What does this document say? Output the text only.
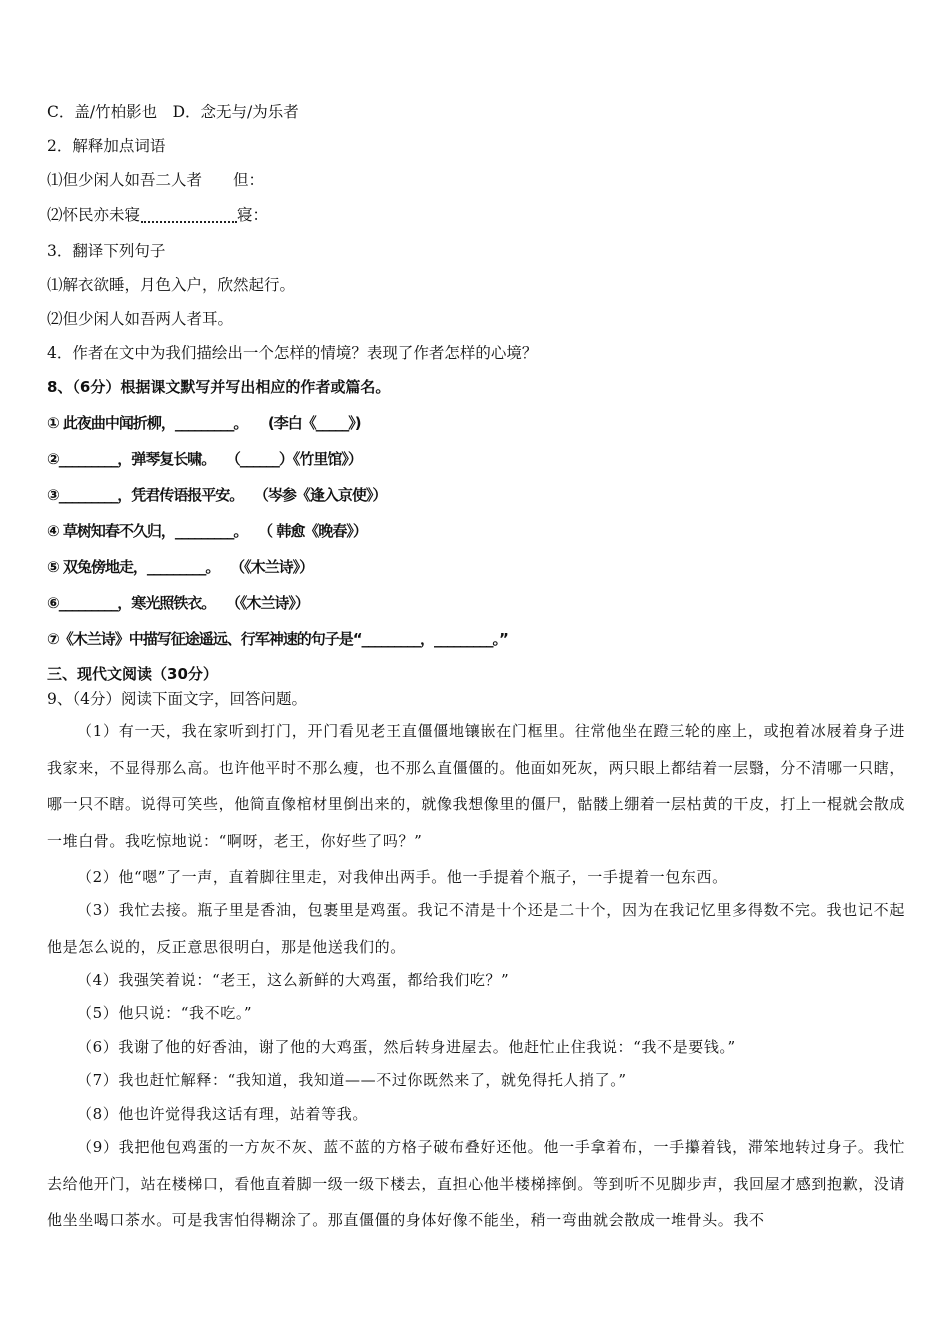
C．盖/竹柏影也　D．念无与/为乐者
2．解释加点词语
⑴但少闲人如吾二人者　　但：
⑵怀民亦未寝	寝：
3．翻译下列句子
⑴解衣欲睡，月色入户，欣然起行。
⑵但少闲人如吾两人者耳。
4．作者在文中为我们描绘出一个怎样的情境？表现了作者怎样的心境？
8、（6分）根据课文默写并写出相应的作者或篇名。
① 此夜曲中闻折柳，_________。　　(李白《_____》)
②_________，弹琴复长啸。　 （______）《竹里馆》）
③_________，凭君传语报平安。　 （岑参《逢入京使》）
④ 草树知春不久归，_________。　 （ 韩愈《晚春》）
⑤ 双兔傍地走，_________。　 （《木兰诗》）
⑥_________，寒光照铁衣。　 （《木兰诗》）
⑦《木兰诗》中描写征途遥远、行军神速的句子是“_________，_________。”
三、现代文阅读（30分）
9、（4分）阅读下面文字，回答问题。
（1）有一天，我在家听到打门，开门看见老王直僵僵地镶嵌在门框里。往常他坐在蹬三轮的座上，或抱着冰屐着身子进我家来，不显得那么高。也许他平时不那么瘦，也不那么直僵僵的。他面如死灰，两只眼上都结着一层翳，分不清哪一只瞎，哪一只不瞎。说得可笑些，他简直像棺材里倒出来的，就像我想像里的僵尸，骷髅上绷着一层枯黄的干皮，打上一棍就会散成一堆白骨。我吃惊地说：“啊呀，老王，你好些了吗？”
（2）他“嗯”了一声，直着脚往里走，对我伸出两手。他一手提着个瓶子，一手提着一包东西。
（3）我忙去接。瓶子里是香油，包裹里是鸡蛋。我记不清是十个还是二十个，因为在我记忆里多得数不完。我也记不起他是怎么说的，反正意思很明白，那是他送我们的。
（4）我强笑着说：“老王，这么新鲜的大鸡蛋，都给我们吃？”
（5）他只说：“我不吃。”
（6）我谢了他的好香油，谢了他的大鸡蛋，然后转身进屋去。他赶忙止住我说：“我不是要钱。”
（7）我也赶忙解释：“我知道，我知道——不过你既然来了，就免得托人捎了。”
（8）他也许觉得我这话有理，站着等我。
（9）我把他包鸡蛋的一方灰不灰、蓝不蓝的方格子破布叠好还他。他一手拿着布，一手攥着钱，滞笨地转过身子。我忙去给他开门，站在楼梯口，看他直着脚一级一级下楼去，直担心他半楼梯摔倒。等到听不见脚步声，我回屋才感到抱歉，没请他坐坐喝口茶水。可是我害怕得糊涂了。那直僵僵的身体好像不能坐，稍一弯曲就会散成一堆骨头。我不
